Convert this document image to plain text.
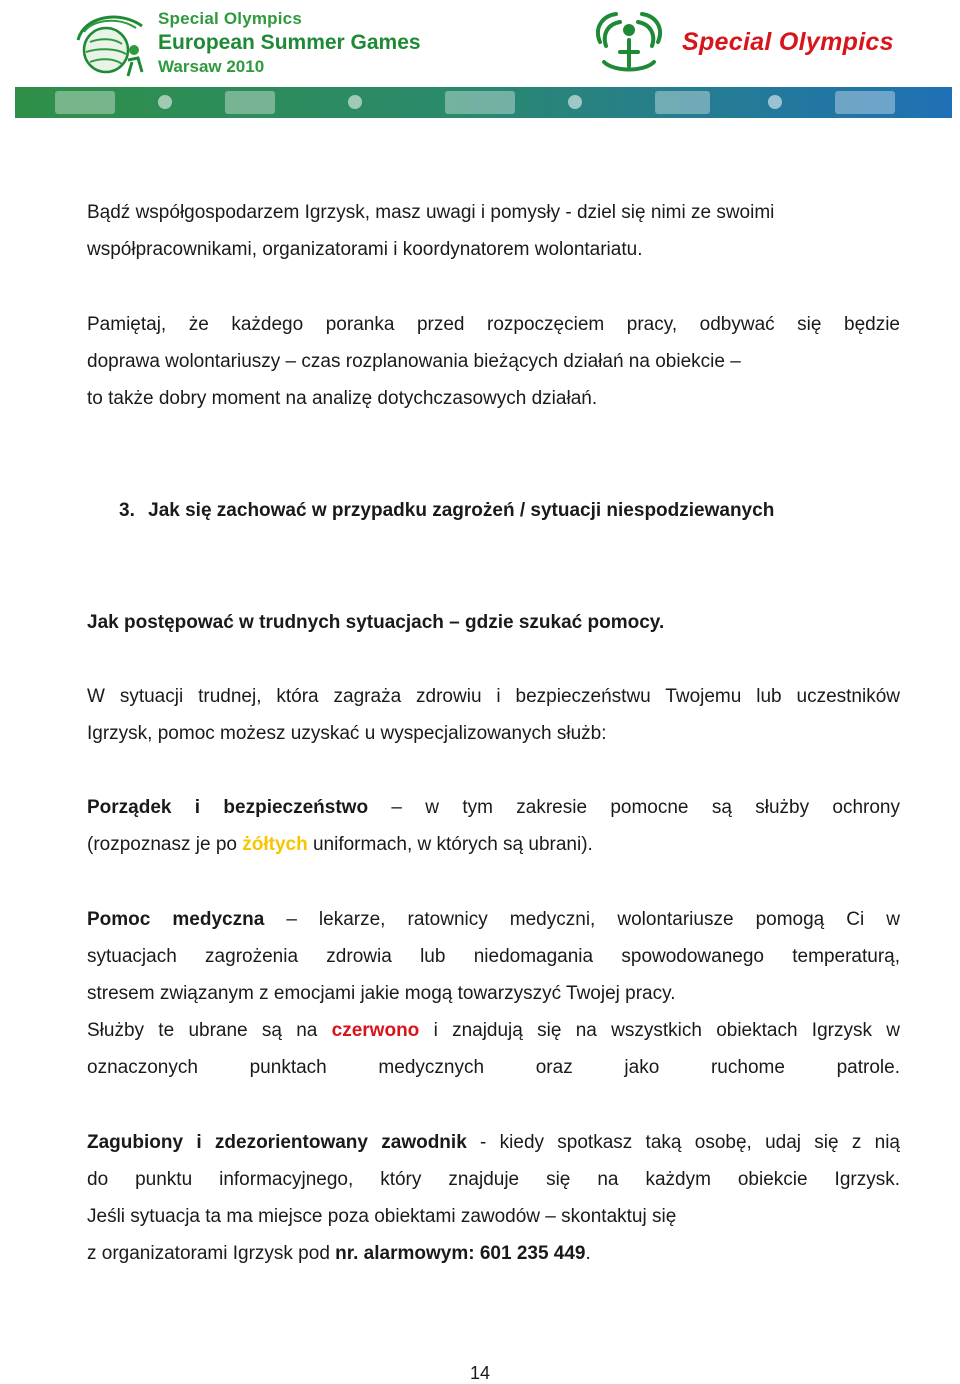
Special Olympics
European Summer Games
Warsaw 2010
Special Olympics
Bądź współgospodarzem Igrzysk, masz uwagi i pomysły - dziel się nimi ze swoimi
współpracownikami, organizatorami i koordynatorem wolontariatu.
Pamiętaj, że każdego poranka przed rozpoczęciem pracy, odbywać się będzie
doprawa wolontariuszy – czas rozplanowania bieżących działań na obiekcie –
to także dobry moment na analizę dotychczasowych działań.
3. Jak się zachować w przypadku zagrożeń / sytuacji niespodziewanych
Jak postępować w trudnych sytuacjach – gdzie szukać pomocy.
W sytuacji trudnej, która zagraża zdrowiu i bezpieczeństwu Twojemu lub uczestników
Igrzysk, pomoc możesz uzyskać u wyspecjalizowanych służb:
Porządek i bezpieczeństwo – w tym zakresie pomocne są służby ochrony
(rozpoznasz je po żółtych uniformach, w których są ubrani).
Pomoc medyczna – lekarze, ratownicy medyczni, wolontariusze pomogą Ci w
sytuacjach zagrożenia zdrowia lub niedomagania spowodowanego temperaturą,
stresem związanym z emocjami jakie mogą towarzyszyć Twojej pracy.
Służby te ubrane są na czerwono i znajdują się na wszystkich obiektach Igrzysk w
oznaczonych punktach medycznych oraz jako ruchome patrole.
Zagubiony i zdezorientowany zawodnik - kiedy spotkasz taką osobę, udaj się z nią
do punktu informacyjnego, który znajduje się na każdym obiekcie Igrzysk.
Jeśli sytuacja ta ma miejsce poza obiektami zawodów – skontaktuj się
z organizatorami Igrzysk pod nr. alarmowym: 601 235 449.
14
